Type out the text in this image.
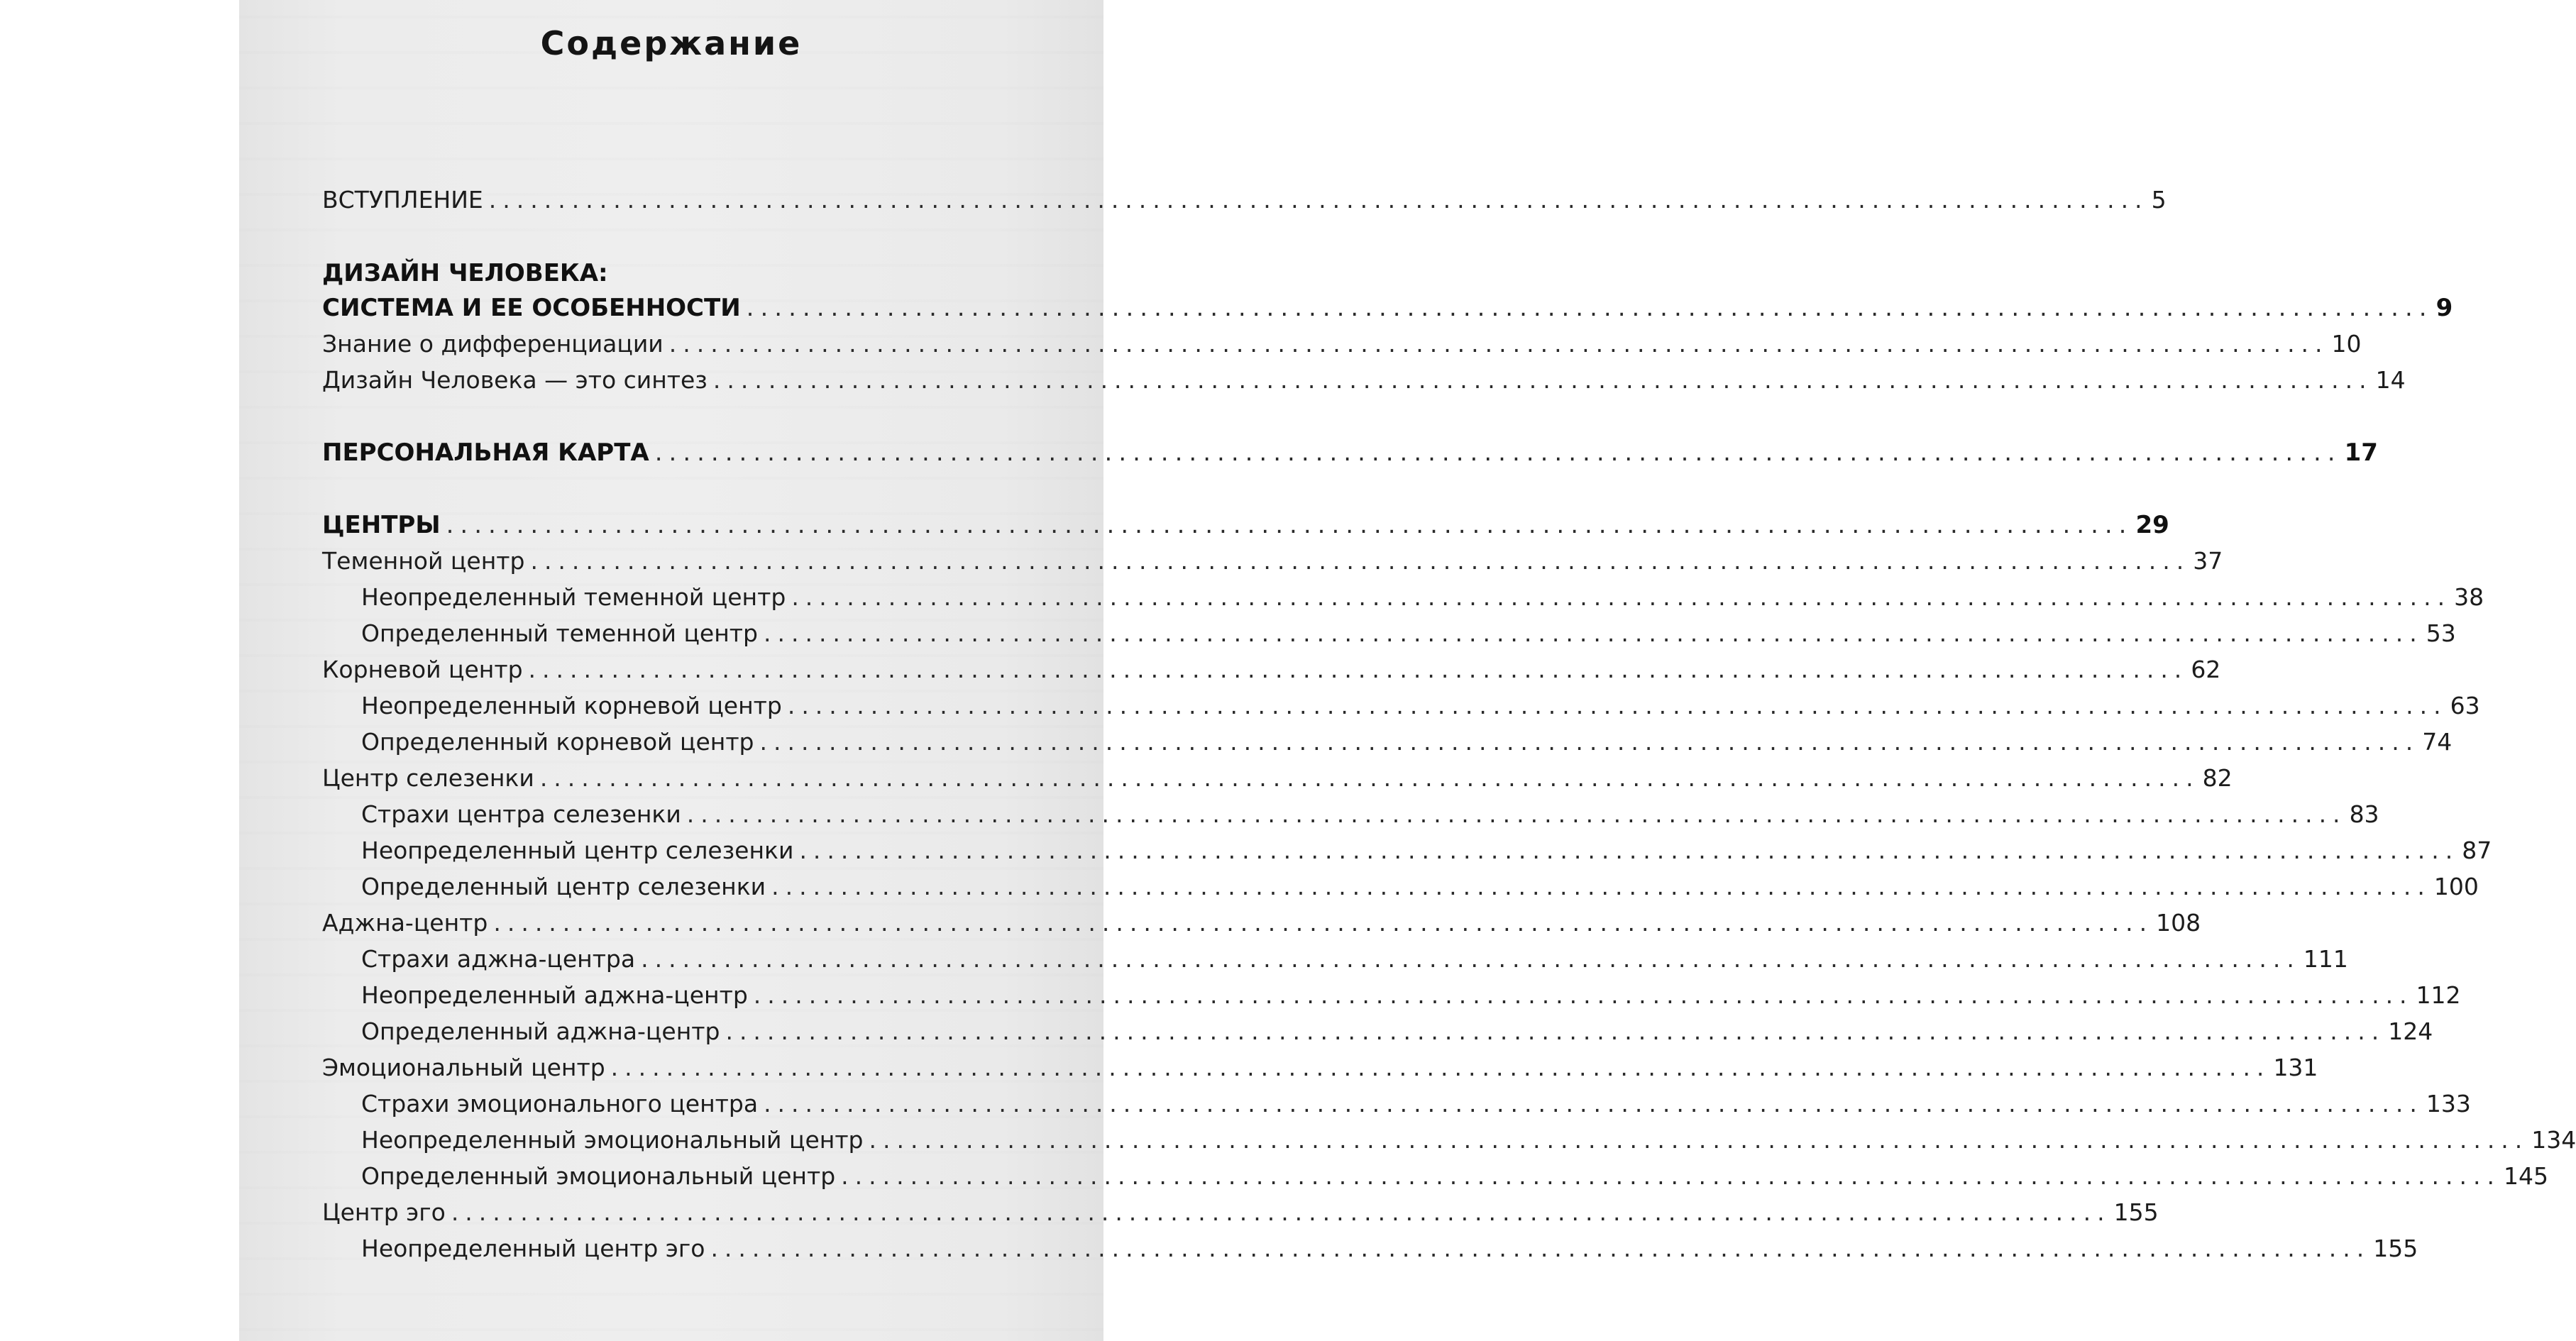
Содержание
ВСТУПЛЕНИЕ ........................................................................................................................ 5
ДИЗАЙН ЧЕЛОВЕКА:
СИСТЕМА И ЕЕ ОСОБЕННОСТИ ........................................................................................................................ 9
Знание о дифференциации ........................................................................................................................ 10
Дизайн Человека — это синтез ........................................................................................................................ 14
ПЕРСОНАЛЬНАЯ КАРТА ........................................................................................................................ 17
ЦЕНТРЫ ........................................................................................................................ 29
Теменной центр ........................................................................................................................ 37
Неопределенный теменной центр ........................................................................................................................ 38
Определенный теменной центр ........................................................................................................................ 53
Корневой центр ........................................................................................................................ 62
Неопределенный корневой центр ........................................................................................................................ 63
Определенный корневой центр ........................................................................................................................ 74
Центр селезенки ........................................................................................................................ 82
Страхи центра селезенки ........................................................................................................................ 83
Неопределенный центр селезенки ........................................................................................................................ 87
Определенный центр селезенки ........................................................................................................................ 100
Аджна-центр ........................................................................................................................ 108
Страхи аджна-центра ........................................................................................................................ 111
Неопределенный аджна-центр ........................................................................................................................ 112
Определенный аджна-центр ........................................................................................................................ 124
Эмоциональный центр ........................................................................................................................ 131
Страхи эмоционального центра ........................................................................................................................ 133
Неопределенный эмоциональный центр ........................................................................................................................ 134
Определенный эмоциональный центр ........................................................................................................................ 145
Центр эго ........................................................................................................................ 155
Неопределенный центр эго ........................................................................................................................ 155
